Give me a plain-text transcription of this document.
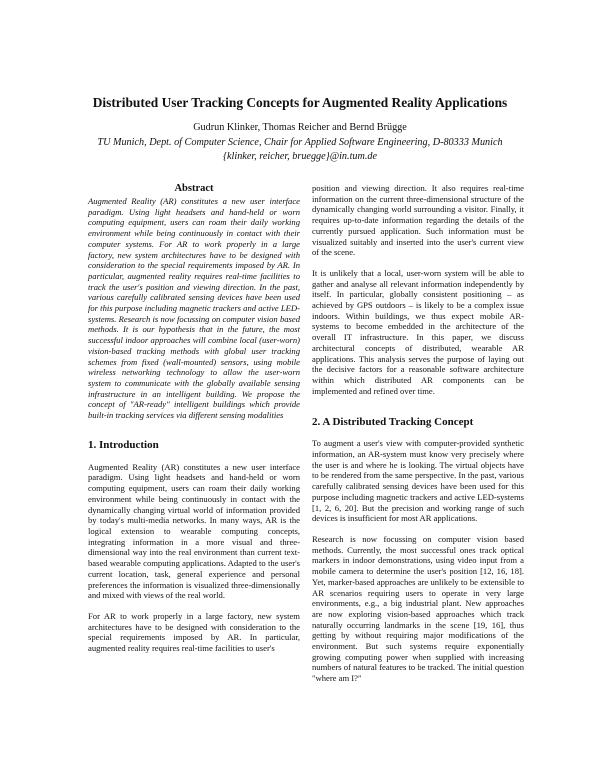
Distributed User Tracking Concepts for Augmented Reality Applications
Gudrun Klinker, Thomas Reicher and Bernd Brügge
TU Munich, Dept. of Computer Science, Chair for Applied Software Engineering, D-80333 Munich
{klinker, reicher, bruegge}@in.tum.de
Abstract

Augmented Reality (AR) constitutes a new user interface paradigm. Using light headsets and hand-held or worn computing equipment, users can roam their daily working environment while being continuously in contact with their computer systems. For AR to work properly in a large factory, new system architectures have to be designed with consideration to the special requirements imposed by AR. In particular, augmented reality requires real-time facilities to track the user's position and viewing direction. In the past, various carefully calibrated sensing devices have been used for this purpose including magnetic trackers and active LED-systems. Research is now focussing on computer vision based methods. It is our hypothesis that in the future, the most successful indoor approaches will combine local (user-worn) vision-based tracking methods with global user tracking schemes from fixed (wall-mounted) sensors, using mobile wireless networking technology to allow the user-worn system to communicate with the globally available sensing infrastructure in an intelligent building. We propose the concept of "AR-ready" intelligent buildings which provide built-in tracking services via different sensing modalities

1. Introduction

Augmented Reality (AR) constitutes a new user interface paradigm. Using light headsets and hand-held or worn computing equipment, users can roam their daily working environment while being continuously in contact with the dynamically changing virtual world of information provided by today's multi-media networks. In many ways, AR is the logical extension to wearable computing concepts, integrating information in a more visual and three-dimensional way into the real environment than current text-based wearable computing applications. Adapted to the user's current location, task, general experience and personal preferences the information is visualized three-dimensionally and mixed with views of the real world.

For AR to work properly in a large factory, new system architectures have to be designed with consideration to the special requirements imposed by AR. In particular, augmented reality requires real-time facilities to user's

position and viewing direction. It also requires real-time information on the current three-dimensional structure of the dynamically changing world surrounding a visitor. Finally, it requires up-to-date information regarding the details of the currently pursued application. Such information must be visualized suitably and inserted into the user's current view of the scene.

It is unlikely that a local, user-worn system will be able to gather and analyse all relevant information independently by itself. In particular, globally consistent positioning – as achieved by GPS outdoors – is likely to be a complex issue indoors. Within buildings, we thus expect mobile AR-systems to become embedded in the architecture of the overall IT infrastructure. In this paper, we discuss architectural concepts of distributed, wearable AR applications. This analysis serves the purpose of laying out the decisive factors for a reasonable software architecture within which distributed AR components can be implemented and refined over time.

2. A Distributed Tracking Concept

To augment a user's view with computer-provided synthetic information, an AR-system must know very precisely where the user is and where he is looking. The virtual objects have to be rendered from the same perspective. In the past, various carefully calibrated sensing devices have been used for this purpose including magnetic trackers and active LED-systems [1, 2, 6, 20]. But the precision and working range of such devices is insufficient for most AR applications.

Research is now focussing on computer vision based methods. Currently, the most successful ones track optical markers in indoor demonstrations, using video input from a mobile camera to determine the user's position [12, 16, 18]. Yet, marker-based approaches are unlikely to be extensible to AR scenarios requiring users to operate in very large environments, e.g., a big industrial plant. New approaches are now exploring vision-based approaches which track naturally occurring landmarks in the scene [19, 16], thus getting by without requiring major modifications of the environment. But such systems require exponentially growing computing power when supplied with increasing numbers of natural features to be tracked. The initial question "where am I?"
